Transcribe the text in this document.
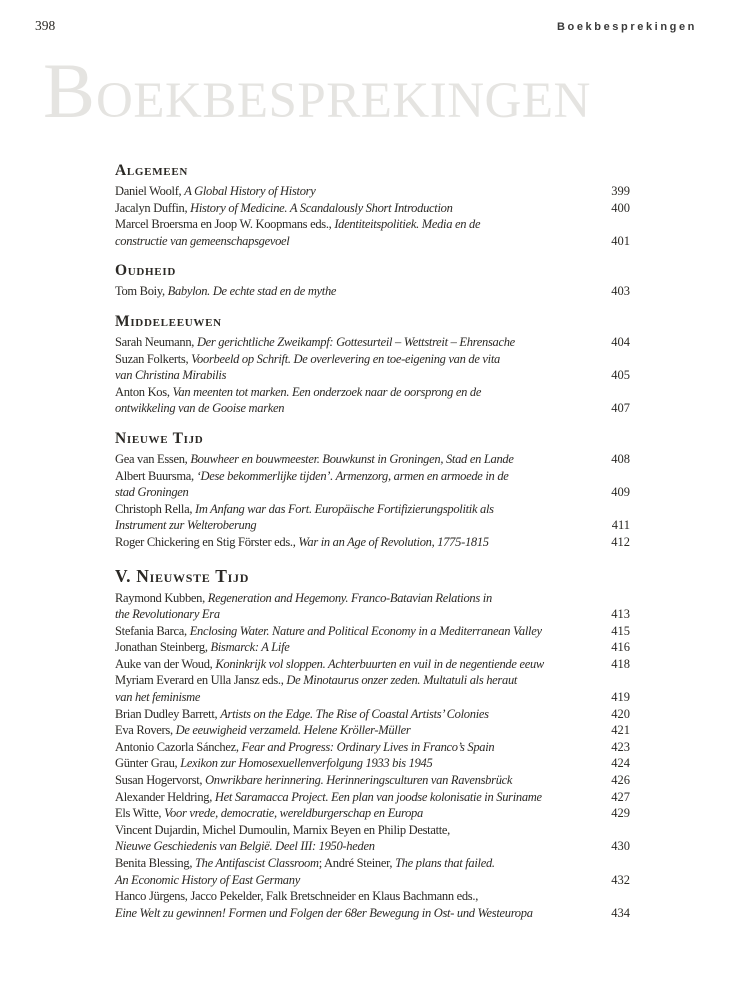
398	Boekbesprekingen
BOEKBESPREKINGEN
Algemeen
Daniel Woolf, A Global History of History	399
Jacalyn Duffin, History of Medicine. A Scandalously Short Introduction	400
Marcel Broersma en Joop W. Koopmans eds., Identiteitspolitiek. Media en de
constructie van gemeenschapsgevoel	401
Oudheid
Tom Boiy, Babylon. De echte stad en de mythe	403
Middeleeuwen
Sarah Neumann, Der gerichtliche Zweikampf: Gottesurteil – Wettstreit – Ehrensache	404
Suzan Folkerts, Voorbeeld op Schrift. De overlevering en toe-eigening van de vita
van Christina Mirabilis	405
Anton Kos, Van meenten tot marken. Een onderzoek naar de oorsprong en de
ontwikkeling van de Gooise marken	407
Nieuwe Tijd
Gea van Essen, Bouwheer en bouwmeester. Bouwkunst in Groningen, Stad en Lande	408
Albert Buursma, ‘Dese bekommerlijke tijden’. Armenzorg, armen en armoede in de
stad Groningen	409
Christoph Rella, Im Anfang war das Fort. Europäische Fortifizierungspolitik als
Instrument zur Welteroberung	411
Roger Chickering en Stig Förster eds., War in an Age of Revolution, 1775-1815	412
V. Nieuwste Tijd
Raymond Kubben, Regeneration and Hegemony. Franco-Batavian Relations in
the Revolutionary Era	413
Stefania Barca, Enclosing Water. Nature and Political Economy in a Mediterranean Valley	415
Jonathan Steinberg, Bismarck: A Life	416
Auke van der Woud, Koninkrijk vol sloppen. Achterbuurten en vuil in de negentiende eeuw	418
Myriam Everard en Ulla Jansz eds., De Minotaurus onzer zeden. Multatuli als heraut
van het feminisme	419
Brian Dudley Barrett, Artists on the Edge. The Rise of Coastal Artists’ Colonies	420
Eva Rovers, De eeuwigheid verzameld. Helene Kröller-Müller	421
Antonio Cazorla Sánchez, Fear and Progress: Ordinary Lives in Franco’s Spain	423
Günter Grau, Lexikon zur Homosexuellenverfolgung 1933 bis 1945	424
Susan Hogervorst, Onwrikbare herinnering. Herinneringsculturen van Ravensbrück	426
Alexander Heldring, Het Saramacca Project. Een plan van joodse kolonisatie in Suriname	427
Els Witte, Voor vrede, democratie, wereldburgerschap en Europa	429
Vincent Dujardin, Michel Dumoulin, Marnix Beyen en Philip Destatte,
Nieuwe Geschiedenis van België. Deel III: 1950-heden	430
Benita Blessing, The Antifascist Classroom; André Steiner, The plans that failed.
An Economic History of East Germany	432
Hanco Jürgens, Jacco Pekelder, Falk Bretschneider en Klaus Bachmann eds.,
Eine Welt zu gewinnen! Formen und Folgen der 68er Bewegung in Ost- und Westeuropa	434
